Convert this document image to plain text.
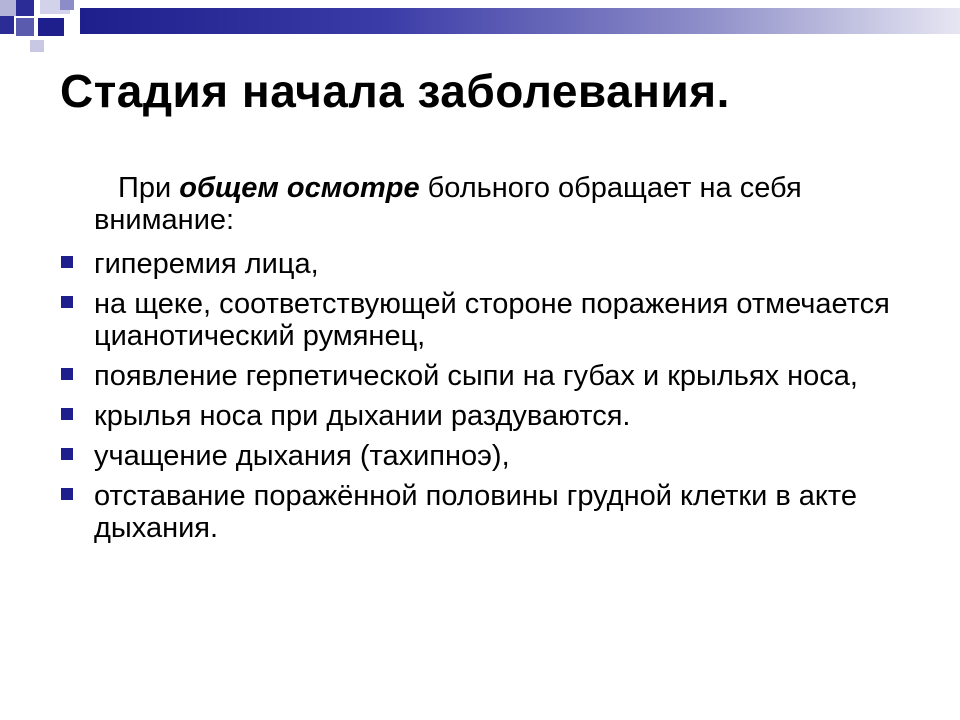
Стадия начала заболевания.

При общем осмотре больного обращает на себя внимание:

гиперемия лица,
на щеке, соответствующей стороне поражения отмечается цианотический румянец,
появление герпетической сыпи на губах и крыльях носа,
крылья носа при дыхании раздуваются.
учащение дыхания (тахипноэ),
отставание поражённой половины грудной клетки в акте дыхания.
